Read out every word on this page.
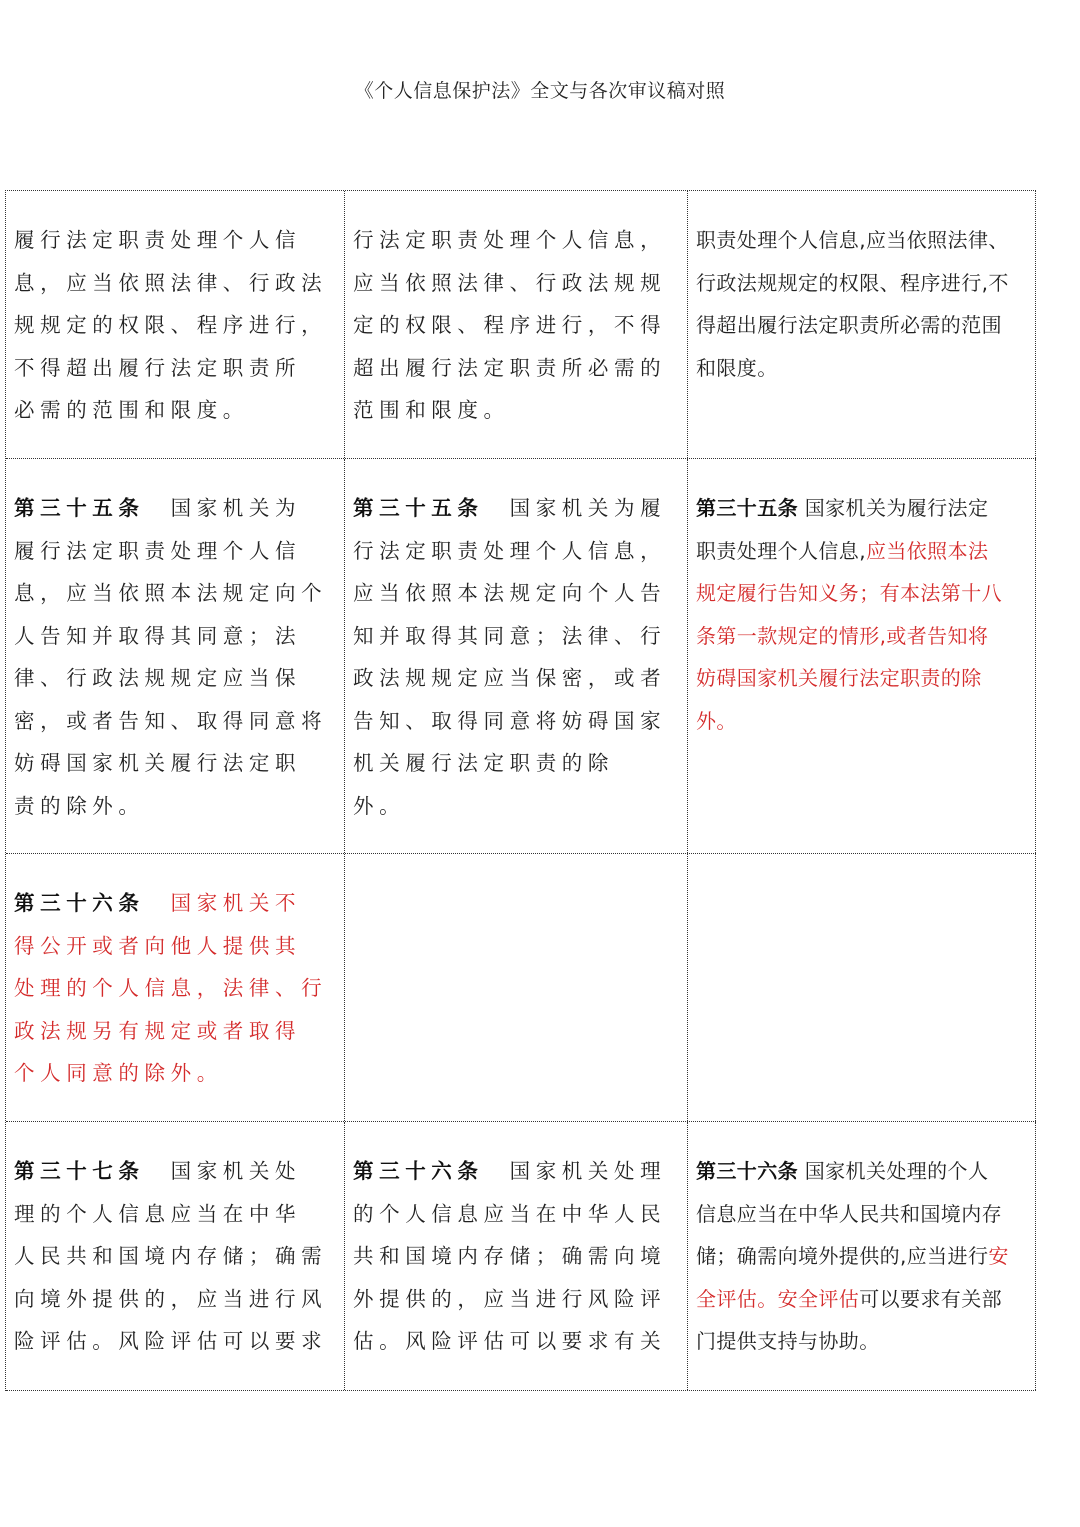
《个人信息保护法》全文与各次审议稿对照
履行法定职责处理个人信
息，应当依照法律、行政法
规规定的权限、程序进行，
不得超出履行法定职责所
必需的范围和限度。
行法定职责处理个人信息，
应当依照法律、行政法规规
定的权限、程序进行，不得
超出履行法定职责所必需的
范围和限度。
职责处理个人信息,应当依照法律、
行政法规规定的权限、程序进行,不
得超出履行法定职责所必需的范围
和限度。
第三十五条　国家机关为
履行法定职责处理个人信
息，应当依照本法规定向个
人告知并取得其同意；法
律、行政法规规定应当保
密，或者告知、取得同意将
妨碍国家机关履行法定职
责的除外。
第三十五条　国家机关为履
行法定职责处理个人信息，
应当依照本法规定向个人告
知并取得其同意；法律、行
政法规规定应当保密，或者
告知、取得同意将妨碍国家
机关履行法定职责的除
外。
第三十五条 国家机关为履行法定
职责处理个人信息,应当依照本法
规定履行告知义务；有本法第十八
条第一款规定的情形,或者告知将
妨碍国家机关履行法定职责的除
外。
第三十六条　国家机关不
得公开或者向他人提供其
处理的个人信息，法律、行
政法规另有规定或者取得
个人同意的除外。
第三十七条　国家机关处
理的个人信息应当在中华
人民共和国境内存储；确需
向境外提供的，应当进行风
险评估。风险评估可以要求
第三十六条　国家机关处理
的个人信息应当在中华人民
共和国境内存储；确需向境
外提供的，应当进行风险评
估。风险评估可以要求有关
第三十六条 国家机关处理的个人
信息应当在中华人民共和国境内存
储；确需向境外提供的,应当进行安
全评估。安全评估可以要求有关部
门提供支持与协助。
